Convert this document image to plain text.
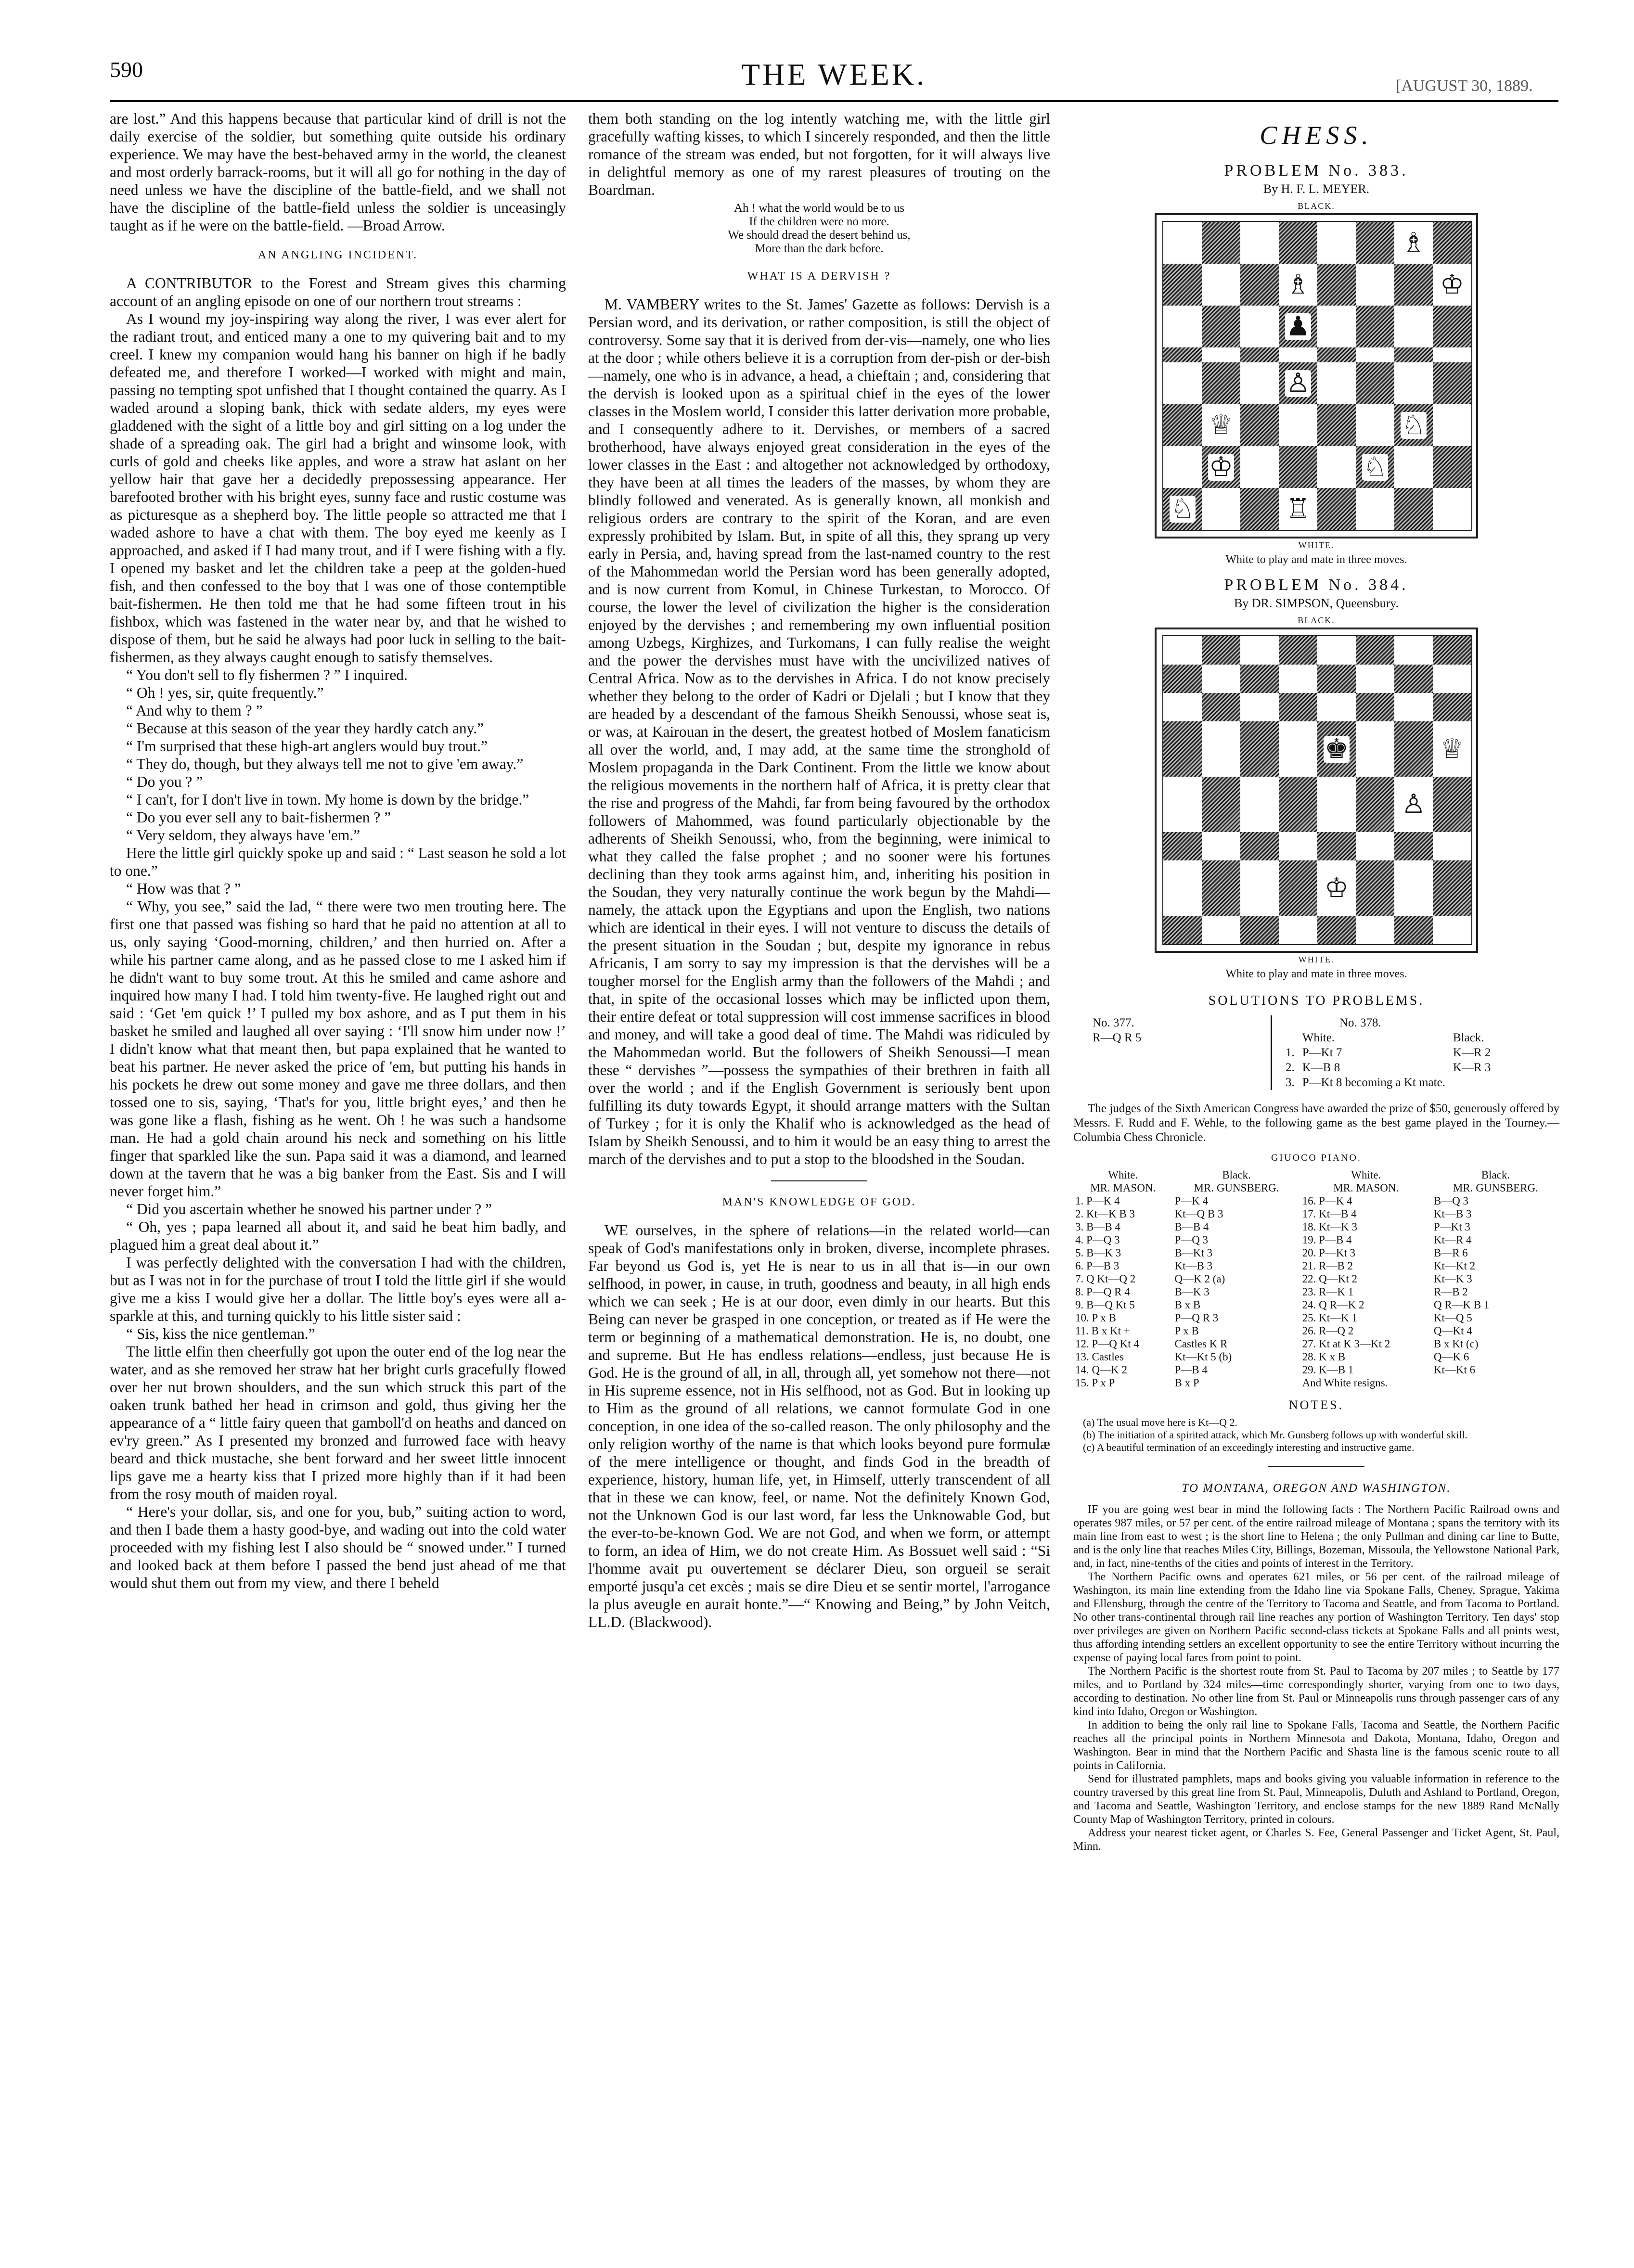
590	THE WEEK.	[AUGUST 30, 1889.

are lost.” And this happens because that particular kind of drill is not the daily exercise of the soldier, but something quite outside his ordinary experience. We may have the best-behaved army in the world, the cleanest and most orderly barrack-rooms, but it will all go for nothing in the day of need unless we have the discipline of the battle-field, and we shall not have the discipline of the battle-field unless the soldier is unceasingly taught as if he were on the battle-field. —Broad Arrow.

AN ANGLING INCIDENT.

A CONTRIBUTOR to the Forest and Stream gives this charming account of an angling episode on one of our northern trout streams :

As I wound my joy-inspiring way along the river, I was ever alert for the radiant trout, and enticed many a one to my quivering bait and to my creel. I knew my companion would hang his banner on high if he badly defeated me, and therefore I worked—I worked with might and main, passing no tempting spot unfished that I thought contained the quarry. As I waded around a sloping bank, thick with sedate alders, my eyes were gladdened with the sight of a little boy and girl sitting on a log under the shade of a spreading oak. The girl had a bright and winsome look, with curls of gold and cheeks like apples, and wore a straw hat aslant on her yellow hair that gave her a decidedly prepossessing appearance. Her barefooted brother with his bright eyes, sunny face and rustic costume was as picturesque as a shepherd boy. The little people so attracted me that I waded ashore to have a chat with them. The boy eyed me keenly as I approached, and asked if I had many trout, and if I were fishing with a fly. I opened my basket and let the children take a peep at the golden-hued fish, and then confessed to the boy that I was one of those contemptible bait-fishermen. He then told me that he had some fifteen trout in his fishbox, which was fastened in the water near by, and that he wished to dispose of them, but he said he always had poor luck in selling to the bait-fishermen, as they always caught enough to satisfy themselves.

“ You don't sell to fly fishermen ? ” I inquired.

“ Oh ! yes, sir, quite frequently.”

“ And why to them ? ”

“ Because at this season of the year they hardly catch any.”

“ I'm surprised that these high-art anglers would buy trout.”

“ They do, though, but they always tell me not to give 'em away.”

“ Do you ? ”

“ I can't, for I don't live in town. My home is down by the bridge.”

“ Do you ever sell any to bait-fishermen ? ”

“ Very seldom, they always have 'em.”

Here the little girl quickly spoke up and said : “ Last season he sold a lot to one.”

“ How was that ? ”

“ Why, you see,” said the lad, “ there were two men trouting here. The first one that passed was fishing so hard that he paid no attention at all to us, only saying ‘Good-morning, children,’ and then hurried on. After a while his partner came along, and as he passed close to me I asked him if he didn't want to buy some trout. At this he smiled and came ashore and inquired how many I had. I told him twenty-five. He laughed right out and said : ‘Get 'em quick !’ I pulled my box ashore, and as I put them in his basket he smiled and laughed all over saying : ‘I'll snow him under now !’ I didn't know what that meant then, but papa explained that he wanted to beat his partner. He never asked the price of 'em, but putting his hands in his pockets he drew out some money and gave me three dollars, and then tossed one to sis, saying, ‘That's for you, little bright eyes,’ and then he was gone like a flash, fishing as he went. Oh ! he was such a handsome man. He had a gold chain around his neck and something on his little finger that sparkled like the sun. Papa said it was a diamond, and learned down at the tavern that he was a big banker from the East. Sis and I will never forget him.”

“ Did you ascertain whether he snowed his partner under ? ”

“ Oh, yes ; papa learned all about it, and said he beat him badly, and plagued him a great deal about it.”

I was perfectly delighted with the conversation I had with the children, but as I was not in for the purchase of trout I told the little girl if she would give me a kiss I would give her a dollar. The little boy's eyes were all a-sparkle at this, and turning quickly to his little sister said :

“ Sis, kiss the nice gentleman.”

The little elfin then cheerfully got upon the outer end of the log near the water, and as she removed her straw hat her bright curls gracefully flowed over her nut brown shoulders, and the sun which struck this part of the oaken trunk bathed her head in crimson and gold, thus giving her the appearance of a “ little fairy queen that gamboll'd on heaths and danced on ev'ry green.” As I presented my bronzed and furrowed face with heavy beard and thick mustache, she bent forward and her sweet little innocent lips gave me a hearty kiss that I prized more highly than if it had been from the rosy mouth of maiden royal.

“ Here's your dollar, sis, and one for you, bub,” suiting action to word, and then I bade them a hasty good-bye, and wading out into the cold water proceeded with my fishing lest I also should be “ snowed under.” I turned and looked back at them before I passed the bend just ahead of me that would shut them out from my view, and there I beheld

them both standing on the log intently watching me, with the little girl gracefully wafting kisses, to which I sincerely responded, and then the little romance of the stream was ended, but not forgotten, for it will always live in delightful memory as one of my rarest pleasures of trouting on the Boardman.

Ah ! what the world would be to us
If the children were no more.
We should dread the desert behind us,
More than the dark before.
WHAT IS A DERVISH ?

M. VAMBERY writes to the St. James' Gazette as follows: Dervish is a Persian word, and its derivation, or rather composition, is still the object of controversy. Some say that it is derived from der-vis—namely, one who lies at the door ; while others believe it is a corruption from der-pish or der-bish—namely, one who is in advance, a head, a chieftain ; and, considering that the dervish is looked upon as a spiritual chief in the eyes of the lower classes in the Moslem world, I consider this latter derivation more probable, and I consequently adhere to it. Dervishes, or members of a sacred brotherhood, have always enjoyed great consideration in the eyes of the lower classes in the East : and altogether not acknowledged by orthodoxy, they have been at all times the leaders of the masses, by whom they are blindly followed and venerated. As is generally known, all monkish and religious orders are contrary to the spirit of the Koran, and are even expressly prohibited by Islam. But, in spite of all this, they sprang up very early in Persia, and, having spread from the last-named country to the rest of the Mahommedan world the Persian word has been generally adopted, and is now current from Komul, in Chinese Turkestan, to Morocco. Of course, the lower the level of civilization the higher is the consideration enjoyed by the dervishes ; and remembering my own influential position among Uzbegs, Kirghizes, and Turkomans, I can fully realise the weight and the power the dervishes must have with the uncivilized natives of Central Africa. Now as to the dervishes in Africa. I do not know precisely whether they belong to the order of Kadri or Djelali ; but I know that they are headed by a descendant of the famous Sheikh Senoussi, whose seat is, or was, at Kairouan in the desert, the greatest hotbed of Moslem fanaticism all over the world, and, I may add, at the same time the stronghold of Moslem propaganda in the Dark Continent. From the little we know about the religious movements in the northern half of Africa, it is pretty clear that the rise and progress of the Mahdi, far from being favoured by the orthodox followers of Mahommed, was found particularly objectionable by the adherents of Sheikh Senoussi, who, from the beginning, were inimical to what they called the false prophet ; and no sooner were his fortunes declining than they took arms against him, and, inheriting his position in the Soudan, they very naturally continue the work begun by the Mahdi—namely, the attack upon the Egyptians and upon the English, two nations which are identical in their eyes. I will not venture to discuss the details of the present situation in the Soudan ; but, despite my ignorance in rebus Africanis, I am sorry to say my impression is that the dervishes will be a tougher morsel for the English army than the followers of the Mahdi ; and that, in spite of the occasional losses which may be inflicted upon them, their entire defeat or total suppression will cost immense sacrifices in blood and money, and will take a good deal of time. The Mahdi was ridiculed by the Mahommedan world. But the followers of Sheikh Senoussi—I mean these “ dervishes ”—possess the sympathies of their brethren in faith all over the world ; and if the English Government is seriously bent upon fulfilling its duty towards Egypt, it should arrange matters with the Sultan of Turkey ; for it is only the Khalif who is acknowledged as the head of Islam by Sheikh Senoussi, and to him it would be an easy thing to arrest the march of the dervishes and to put a stop to the bloodshed in the Soudan.

MAN'S KNOWLEDGE OF GOD.

WE ourselves, in the sphere of relations—in the related world—can speak of God's manifestations only in broken, diverse, incomplete phrases. Far beyond us God is, yet He is near to us in all that is—in our own selfhood, in power, in cause, in truth, goodness and beauty, in all high ends which we can seek ; He is at our door, even dimly in our hearts. But this Being can never be grasped in one conception, or treated as if He were the term or beginning of a mathematical demonstration. He is, no doubt, one and supreme. But He has endless relations—endless, just because He is God. He is the ground of all, in all, through all, yet somehow not there—not in His supreme essence, not in His selfhood, not as God. But in looking up to Him as the ground of all relations, we cannot formulate God in one conception, in one idea of the so-called reason. The only philosophy and the only religion worthy of the name is that which looks beyond pure formulæ of the mere intelligence or thought, and finds God in the breadth of experience, history, human life, yet, in Himself, utterly transcendent of all that in these we can know, feel, or name. Not the definitely Known God, not the Unknown God is our last word, far less the Unknowable God, but the ever-to-be-known God. We are not God, and when we form, or attempt to form, an idea of Him, we do not create Him. As Bossuet well said : “Si l'homme avait pu ouvertement se déclarer Dieu, son orgueil se serait emporté jusqu'a cet excès ; mais se dire Dieu et se sentir mortel, l'arrogance la plus aveugle en aurait honte.”—“ Knowing and Being,” by John Veitch, LL.D. (Blackwood).

CHESS.
PROBLEM No. 383.
By H. F. L. MEYER.
BLACK.
♗
♗	♔
♟
♙
♕	♘
♔	♘
♘	♖
WHITE.
White to play and mate in three moves.
PROBLEM No. 384.
By DR. SIMPSON, Queensbury.
BLACK.
♚	♕
♙
♔
WHITE.
White to play and mate in three moves.
SOLUTIONS TO PROBLEMS.
No. 377.
R—Q R 5
No. 378.
	White.	Black.
1.	P—Kt 7	K—R 2
2.	K—B 8	K—R 3
3.	P—Kt 8 becoming a Kt mate.	

The judges of the Sixth American Congress have awarded the prize of $50, generously offered by Messrs. F. Rudd and F. Wehle, to the following game as the best game played in the Tourney.—Columbia Chess Chronicle.

GIUOCO PIANO.
White.	Black.	White.	Black.
MR. MASON.	MR. GUNSBERG.	MR. MASON.	MR. GUNSBERG.
1. P—K 4	P—K 4	16. P—K 4	B—Q 3
2. Kt—K B 3	Kt—Q B 3	17. Kt—B 4	Kt—B 3
3. B—B 4	B—B 4	18. Kt—K 3	P—Kt 3
4. P—Q 3	P—Q 3	19. P—B 4	Kt—R 4
5. B—K 3	B—Kt 3	20. P—Kt 3	B—R 6
6. P—B 3	Kt—B 3	21. R—B 2	Kt—Kt 2
7. Q Kt—Q 2	Q—K 2 (a)	22. Q—Kt 2	Kt—K 3
8. P—Q R 4	B—K 3	23. R—K 1	R—B 2
9. B—Q Kt 5	B x B	24. Q R—K 2	Q R—K B 1
10. P x B	P—Q R 3	25. Kt—K 1	Kt—Q 5
11. B x Kt +	P x B	26. R—Q 2	Q—Kt 4
12. P—Q Kt 4	Castles K R	27. Kt at K 3—Kt 2	B x Kt (c)
13. Castles	Kt—Kt 5 (b)	28. K x B	Q—K 6
14. Q—K 2	P—B 4	29. K—B 1	Kt—Kt 6
15. P x P	B x P	And White resigns.	
NOTES.

(a) The usual move here is Kt—Q 2.

(b) The initiation of a spirited attack, which Mr. Gunsberg follows up with wonderful skill.

(c) A beautiful termination of an exceedingly interesting and instructive game.

TO MONTANA, OREGON AND WASHINGTON.

IF you are going west bear in mind the following facts : The Northern Pacific Railroad owns and operates 987 miles, or 57 per cent. of the entire railroad mileage of Montana ; spans the territory with its main line from east to west ; is the short line to Helena ; the only Pullman and dining car line to Butte, and is the only line that reaches Miles City, Billings, Bozeman, Missoula, the Yellowstone National Park, and, in fact, nine-tenths of the cities and points of interest in the Territory.

The Northern Pacific owns and operates 621 miles, or 56 per cent. of the railroad mileage of Washington, its main line extending from the Idaho line via Spokane Falls, Cheney, Sprague, Yakima and Ellensburg, through the centre of the Territory to Tacoma and Seattle, and from Tacoma to Portland. No other trans-continental through rail line reaches any portion of Washington Territory. Ten days' stop over privileges are given on Northern Pacific second-class tickets at Spokane Falls and all points west, thus affording intending settlers an excellent opportunity to see the entire Territory without incurring the expense of paying local fares from point to point.

The Northern Pacific is the shortest route from St. Paul to Tacoma by 207 miles ; to Seattle by 177 miles, and to Portland by 324 miles—time correspondingly shorter, varying from one to two days, according to destination. No other line from St. Paul or Minneapolis runs through passenger cars of any kind into Idaho, Oregon or Washington.

In addition to being the only rail line to Spokane Falls, Tacoma and Seattle, the Northern Pacific reaches all the principal points in Northern Minnesota and Dakota, Montana, Idaho, Oregon and Washington. Bear in mind that the Northern Pacific and Shasta line is the famous scenic route to all points in California.

Send for illustrated pamphlets, maps and books giving you valuable information in reference to the country traversed by this great line from St. Paul, Minneapolis, Duluth and Ashland to Portland, Oregon, and Tacoma and Seattle, Washington Territory, and enclose stamps for the new 1889 Rand McNally County Map of Washington Territory, printed in colours.

Address your nearest ticket agent, or Charles S. Fee, General Passenger and Ticket Agent, St. Paul, Minn.
